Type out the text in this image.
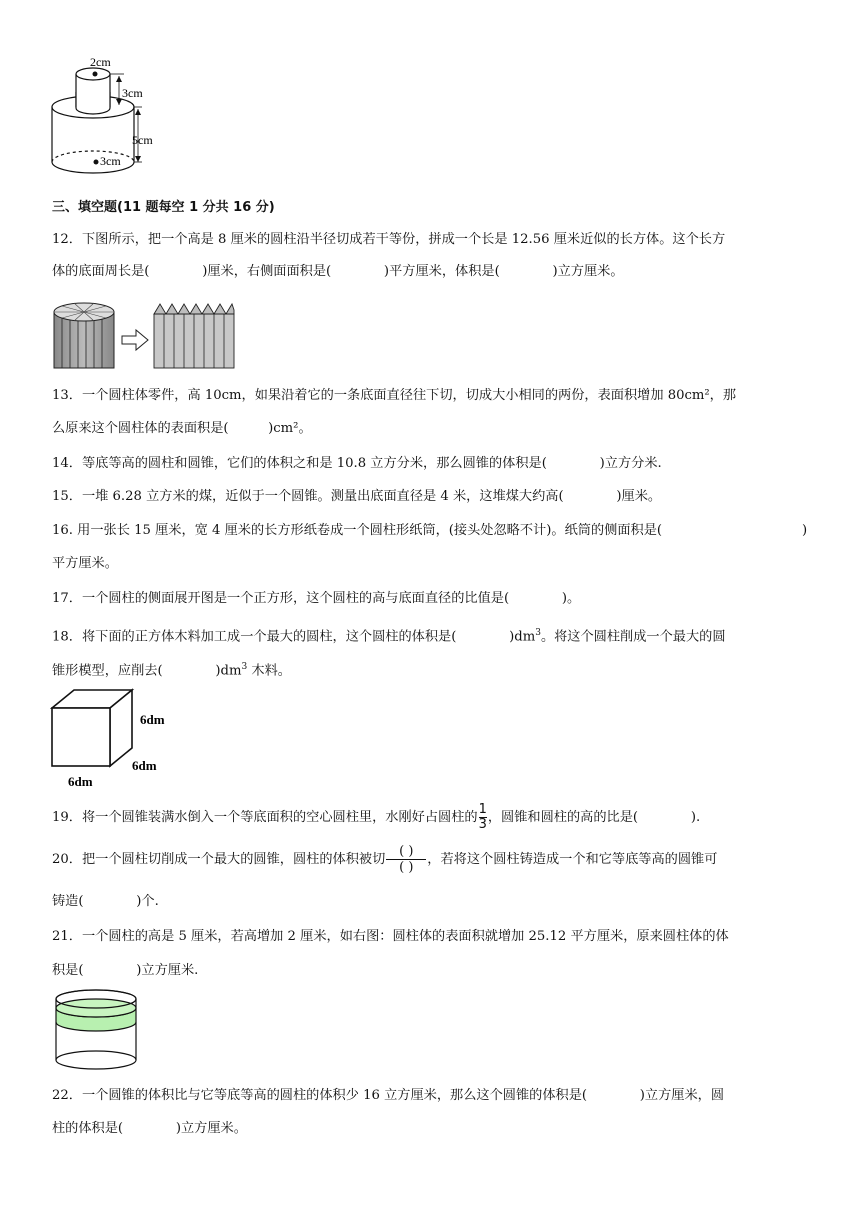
2cm
3cm
5cm
3cm
三、填空题(11 题每空 1 分共 16 分)
12．下图所示，把一个高是 8 厘米的圆柱沿半径切成若干等份，拼成一个长是 12.56 厘米近似的长方体。这个长方
体的底面周长是(　　　　)厘米，右侧面面积是(　　　　)平方厘米，体积是(　　　　)立方厘米。
13．一个圆柱体零件，高 10cm，如果沿着它的一条底面直径往下切，切成大小相同的两份，表面积增加 80cm²，那
么原来这个圆柱体的表面积是(　　　)cm²。
14．等底等高的圆柱和圆锥，它们的体积之和是 10.8 立方分米，那么圆锥的体积是(　　　　)立方分米.
15．一堆 6.28 立方米的煤，近似于一个圆锥。测量出底面直径是 4 米，这堆煤大约高(　　　　)厘米。
16. 用一张长 15 厘米，宽 4 厘米的长方形纸卷成一个圆柱形纸筒，(接头处忽略不计)。纸筒的侧面积是(	)
平方厘米。
17．一个圆柱的侧面展开图是一个正方形，这个圆柱的高与底面直径的比值是(　　　　)。
18．将下面的正方体木料加工成一个最大的圆柱，这个圆柱的体积是(　　　　)$dm^3$。将这个圆柱削成一个最大的圆
锥形模型，应削去(　　　　)$dm^3$ 木料。
6dm
6dm
6dm
19．将一个圆锥装满水倒入一个等底面积的空心圆柱里，水刚好占圆柱的 $\frac{1}{3}$ ，圆锥和圆柱的高的比是(　　　　).
20．把一个圆柱切削成一个最大的圆锥，圆柱的体积被切 $\frac{( )}{( )}$ ，若将这个圆柱铸造成一个和它等底等高的圆锥可
铸造(　　　　)个.
21．一个圆柱的高是 5 厘米，若高增加 2 厘米，如右图：圆柱体的表面积就增加 25.12 平方厘米，原来圆柱体的体
积是(　　　　)立方厘米.
22．一个圆锥的体积比与它等底等高的圆柱的体积少 16 立方厘米，那么这个圆锥的体积是(　　　　)立方厘米，圆
柱的体积是(　　　　)立方厘米。
